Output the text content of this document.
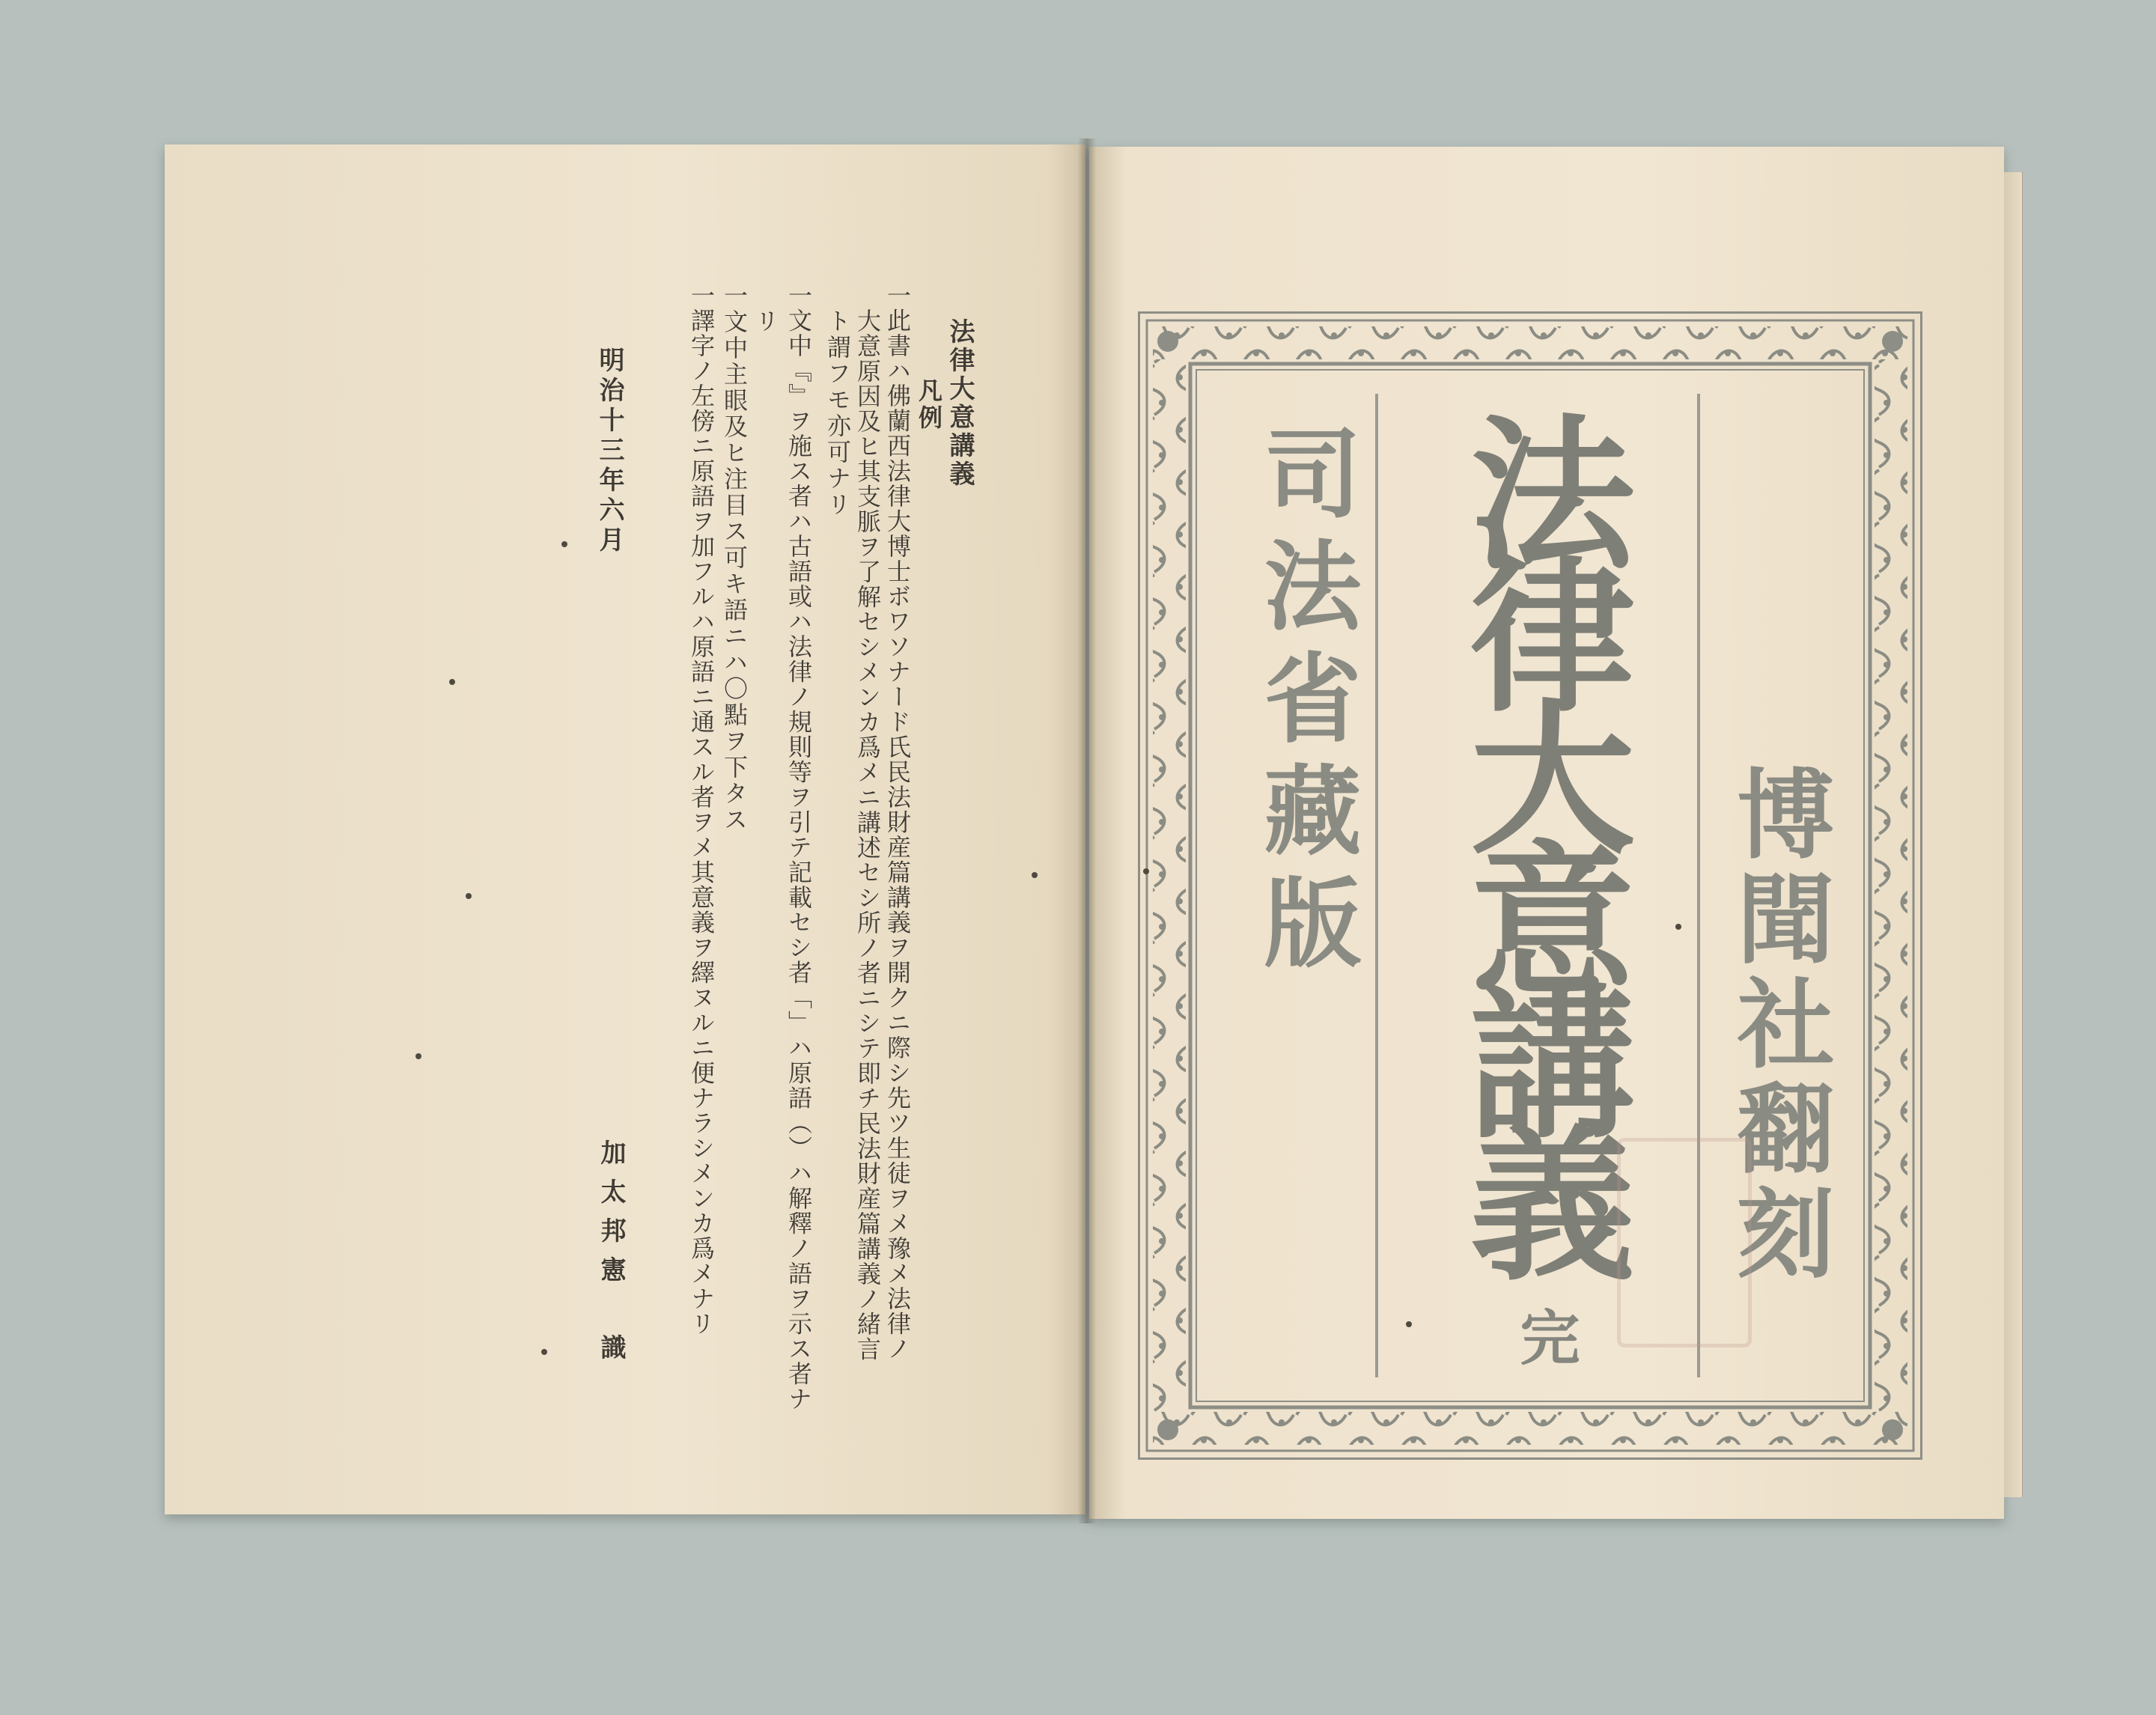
法律大意講義
凡例
一此書ハ佛蘭西法律大博士ボワソナード氏民法財産篇講義ヲ開クニ際シ先ツ生徒ヲメ豫メ法律ノ
大意原因及ヒ其支脈ヲ了解セシメンカ爲メニ講述セシ所ノ者ニシテ即チ民法財産篇講義ノ緒言
ト謂フモ亦可ナリ
一文中『』ヲ施ス者ハ古語或ハ法律ノ規則等ヲ引テ記載セシ者「」ハ原語（）ハ解釋ノ語ヲ示ス者ナ
リ
一文中主眼及ヒ注目ス可キ語ニハ〇點ヲ下タス
一譯字ノ左傍ニ原語ヲ加フルハ原語ニ通スル者ヲメ其意義ヲ繹ヌルニ便ナラシメンカ爲メナリ
明治十三年六月
加太邦憲　識	法律大意講義
完
博聞社翻刻
司法省藏版
